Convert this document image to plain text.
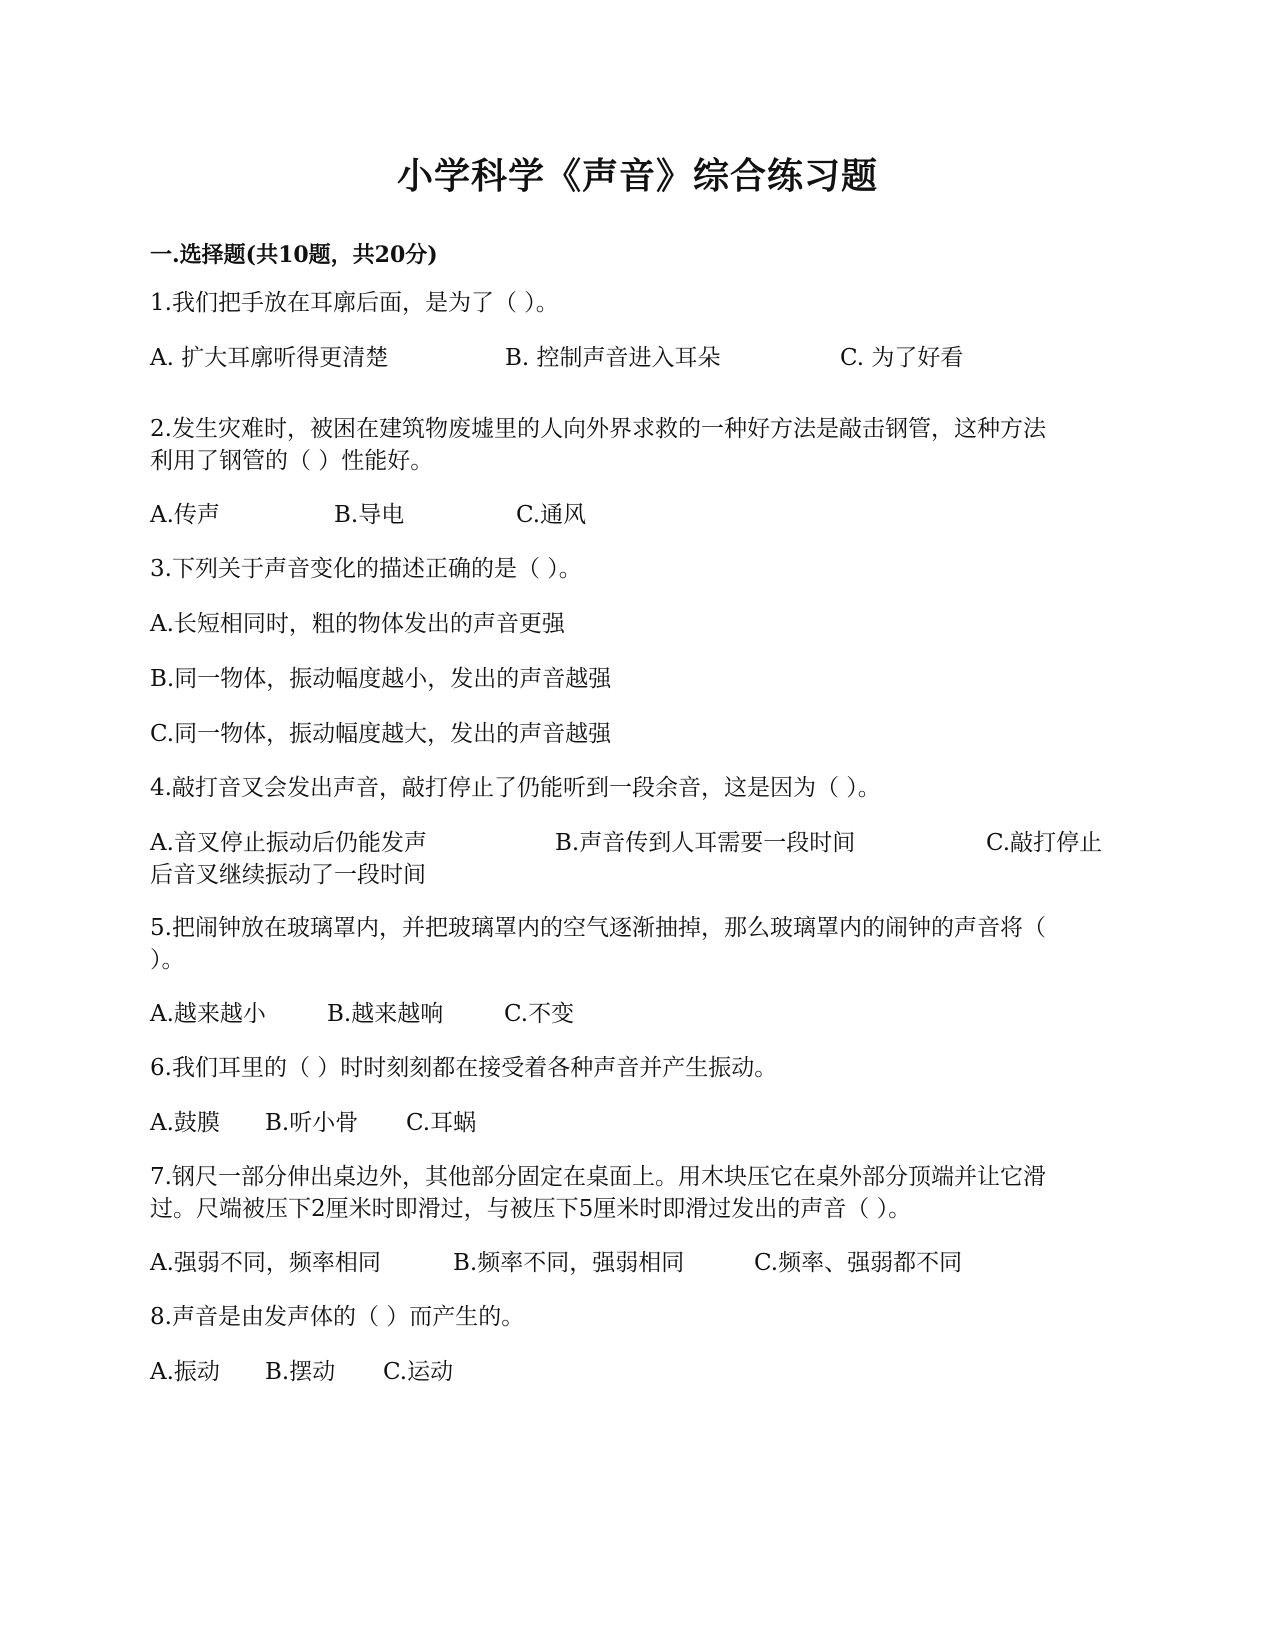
小学科学《声音》综合练习题
一.选择题(共10题，共20分)
1.我们把手放在耳廓后面，是为了（ ）。
A. 扩大耳廓听得更清楚	B. 控制声音进入耳朵	C. 为了好看
2.发生灾难时，被困在建筑物废墟里的人向外界求救的一种好方法是敲击钢管，这种方法
利用了钢管的（ ）性能好。
A.传声	B.导电	C.通风
3.下列关于声音变化的描述正确的是（ ）。
A.长短相同时，粗的物体发出的声音更强
B.同一物体，振动幅度越小，发出的声音越强
C.同一物体，振动幅度越大，发出的声音越强
4.敲打音叉会发出声音，敲打停止了仍能听到一段余音，这是因为（ ）。
A.音叉停止振动后仍能发声	B.声音传到人耳需要一段时间	C.敲打停止
后音叉继续振动了一段时间
5.把闹钟放在玻璃罩内，并把玻璃罩内的空气逐渐抽掉，那么玻璃罩内的闹钟的声音将（
）。
A.越来越小	B.越来越响	C.不变
6.我们耳里的（ ）时时刻刻都在接受着各种声音并产生振动。
A.鼓膜 B.听小骨 C.耳蜗
7.钢尺一部分伸出桌边外，其他部分固定在桌面上。用木块压它在桌外部分顶端并让它滑
过。尺端被压下2厘米时即滑过，与被压下5厘米时即滑过发出的声音（ ）。
A.强弱不同，频率相同	B.频率不同，强弱相同	C.频率、强弱都不同
8.声音是由发声体的（ ）而产生的。
A.振动 B.摆动 C.运动
